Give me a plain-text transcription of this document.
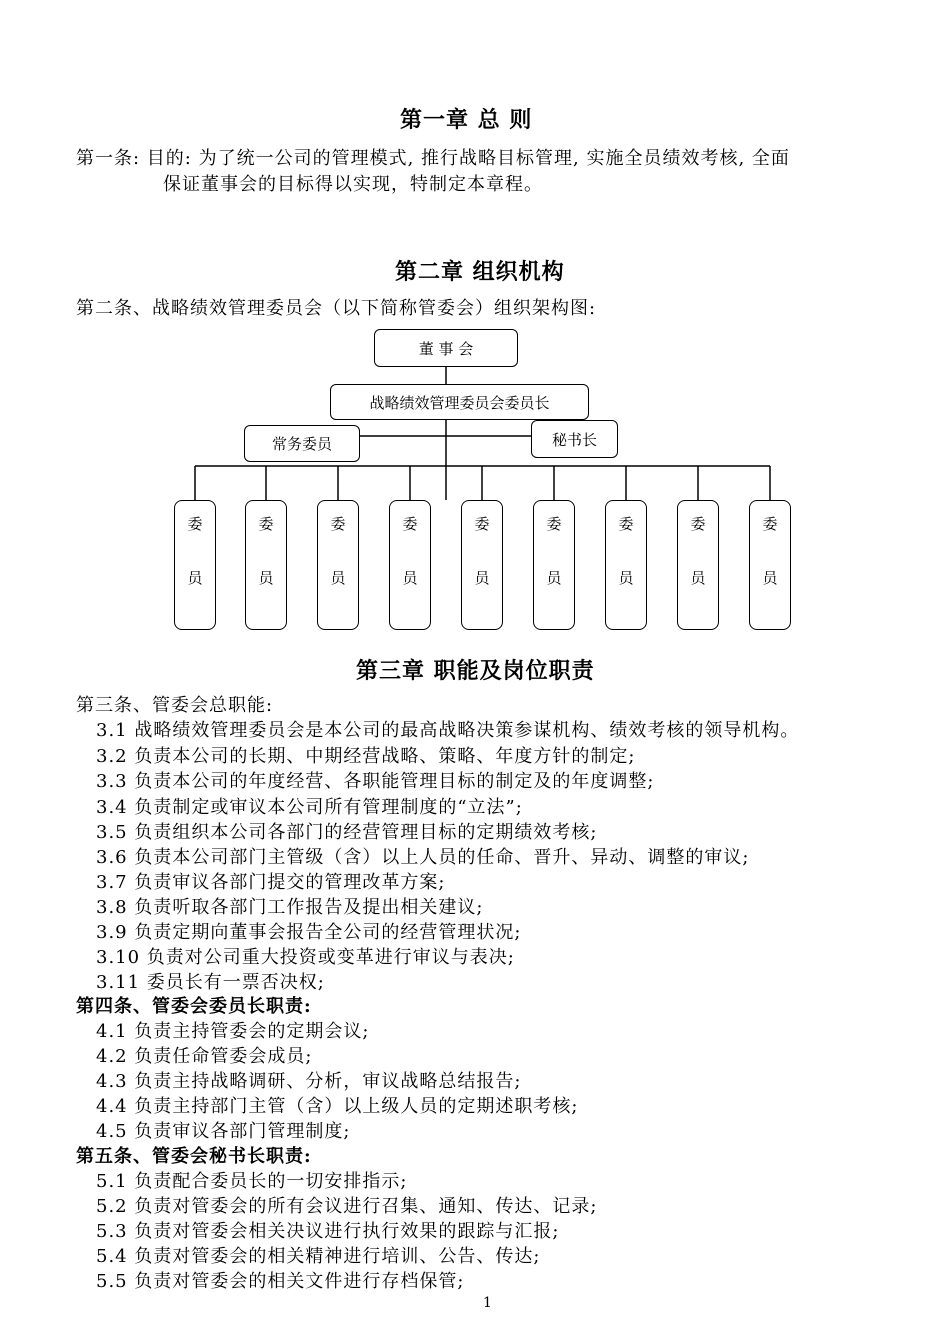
第一章 总 则
第一条: 目的: 为了统一公司的管理模式, 推行战略目标管理, 实施全员绩效考核, 全面
保证董事会的目标得以实现，特制定本章程。
第二章 组织机构
第二条、战略绩效管理委员会（以下简称管委会）组织架构图:
董 事 会
战略绩效管理委员会委员长
常务委员	秘书长
委
员
委
员
委
员
委
员
委
员
委
员
委
员
委
员
委
员
第三章 职能及岗位职责
第三条、管委会总职能:
3.1 战略绩效管理委员会是本公司的最高战略决策参谋机构、绩效考核的领导机构。
3.2 负责本公司的长期、中期经营战略、策略、年度方针的制定;
3.3 负责本公司的年度经营、各职能管理目标的制定及的年度调整;
3.4 负责制定或审议本公司所有管理制度的“立法”;
3.5 负责组织本公司各部门的经营管理目标的定期绩效考核;
3.6 负责本公司部门主管级（含）以上人员的任命、晋升、异动、调整的审议;
3.7 负责审议各部门提交的管理改革方案;
3.8 负责听取各部门工作报告及提出相关建议;
3.9 负责定期向董事会报告全公司的经营管理状况;
3.10 负责对公司重大投资或变革进行审议与表决;
3.11 委员长有一票否决权;
第四条、管委会委员长职责:
4.1 负责主持管委会的定期会议;
4.2 负责任命管委会成员;
4.3 负责主持战略调研、分析，审议战略总结报告;
4.4 负责主持部门主管（含）以上级人员的定期述职考核;
4.5 负责审议各部门管理制度;
第五条、管委会秘书长职责:
5.1 负责配合委员长的一切安排指示;
5.2 负责对管委会的所有会议进行召集、通知、传达、记录;
5.3 负责对管委会相关决议进行执行效果的跟踪与汇报;
5.4 负责对管委会的相关精神进行培训、公告、传达;
5.5 负责对管委会的相关文件进行存档保管;
1
